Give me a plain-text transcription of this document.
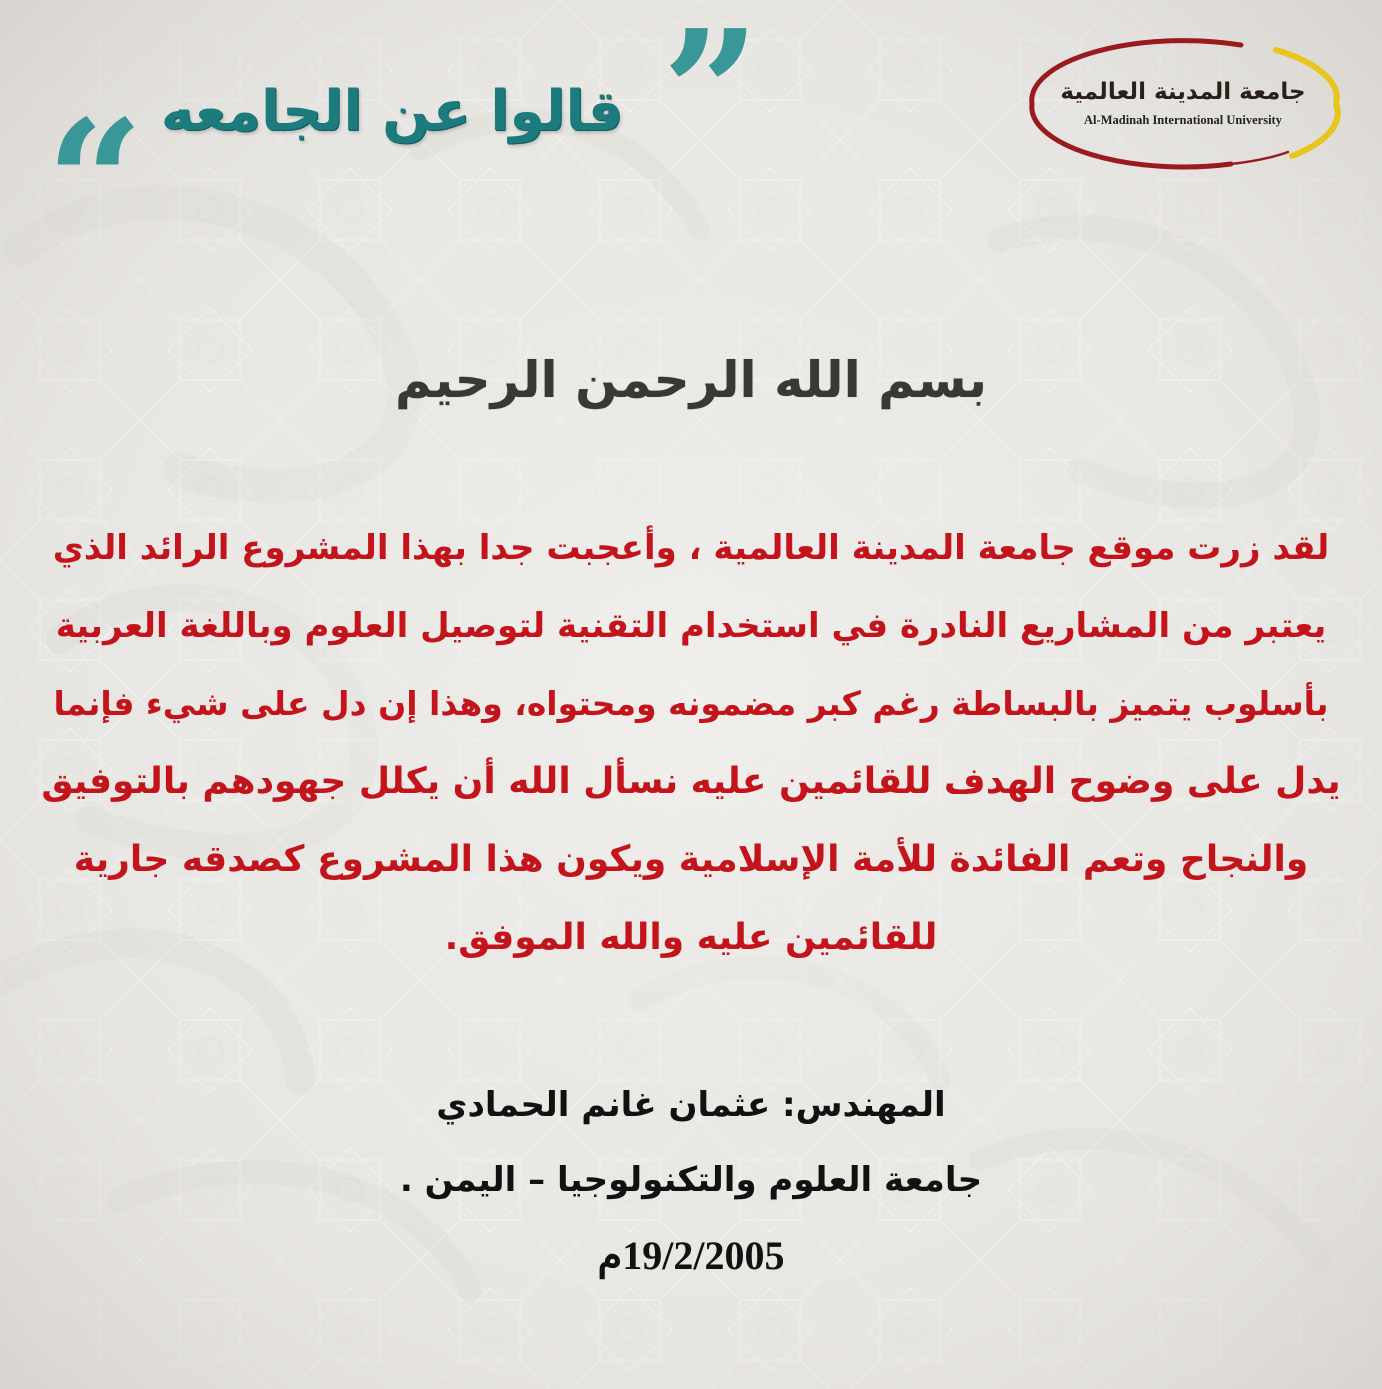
”
“ قالوا عن الجامعه	جامعة المدينة العالمية
Al-Madinah International University
بسم الله الرحمن الرحيم
لقد زرت موقع جامعة المدينة العالمية ، وأعجبت جدا بهذا المشروع الرائد الذي
يعتبر من المشاريع النادرة في استخدام التقنية لتوصيل العلوم وباللغة العربية
بأسلوب يتميز بالبساطة رغم كبر مضمونه ومحتواه، وهذا إن دل على شيء فإنما
يدل على وضوح الهدف للقائمين عليه نسأل الله أن يكلل جهودهم بالتوفيق
والنجاح وتعم الفائدة للأمة الإسلامية ويكون هذا المشروع كصدقه جارية
للقائمين عليه والله الموفق.
المهندس: عثمان غانم الحمادي
جامعة العلوم والتكنولوجيا – اليمن .
19/2/2005م
